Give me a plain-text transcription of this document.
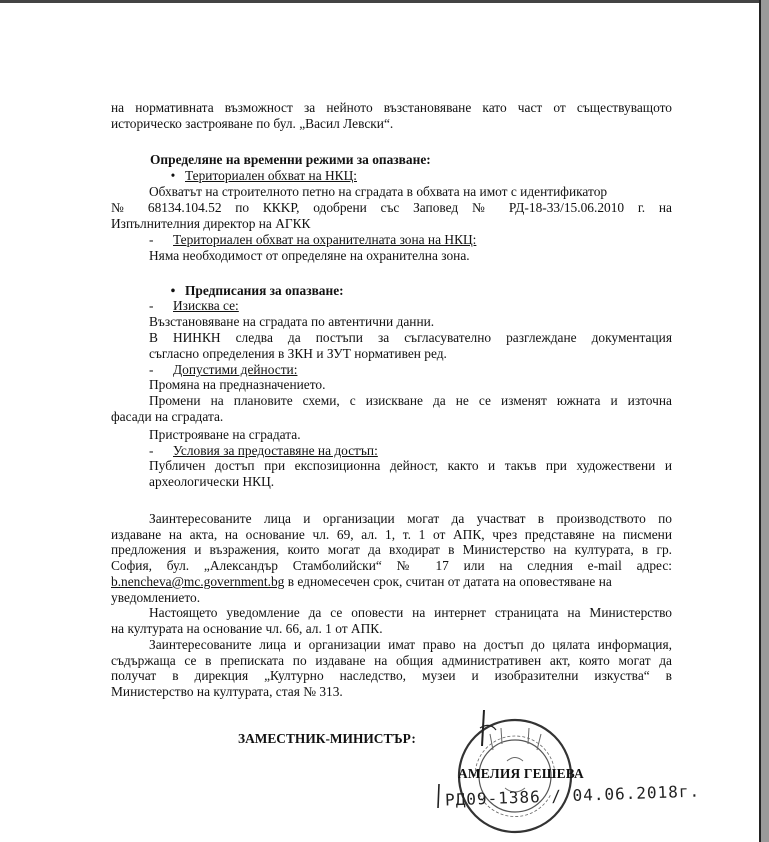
на нормативната възможност за нейното възстановяване като част от съществуващото
историческо застрояване по бул. „Васил Левски“.
Определяне на временни режими за опазване:
• Териториален обхват на НКЦ:
Обхватът на строителното петно на сградата в обхвата на имот с идентификатор
№ 68134.104.52 по ККKР, одобрени със Заповед № РД-18-33/15.06.2010 г. на
Изпълнителния директор на АГКК
- Териториален обхват на охранителната зона на НКЦ:
Няма необходимост от определяне на охранителна зона.
• Предписания за опазване:
- Изисква се:
Възстановяване на сградата по автентични данни.
В НИНКН следва да постъпи за съгласувателно разглеждане документация
съгласно определения в ЗКН и ЗУТ нормативен ред.
- Допустими дейности:
Промяна на предназначението.
Промени на плановите схеми, с изискване да не се изменят южната и източна
фасади на сградата.
Пристрояване на сградата.
- Условия за предоставяне на достъп:
Публичен достъп при експозиционна дейност, както и такъв при художествени и
археологически НКЦ.
Заинтересованите лица и организации могат да участват в производството по
издаване на акта, на основание чл. 69, ал. 1, т. 1 от АПК, чрез представяне на писмени
предложения и възражения, които могат да входират в Министерство на културата, в гр.
София, бул. „Александър Стамболийски“ № 17 или на следния е-mail адрес:
b.nencheva@mc.government.bg в едномесечен срок, считан от датата на оповестяване на
уведомлението.
Настоящето уведомление да се оповести на интернет страницата на Министерство
на културата на основание чл. 66, ал. 1 от АПК.
Заинтересованите лица и организации имат право на достъп до цялата информация,
съдържаща се в преписката по издаване на общия административен акт, която могат да
получат в дирекция „Културно наследство, музеи и изобразителни изкуства“ в
Министерство на културата, стая № 313.
ЗАМЕСТНИК-МИНИСТЪР:
АМЕЛИЯ ГЕШЕВА
РД09-1386 / 04.06.2018г.
